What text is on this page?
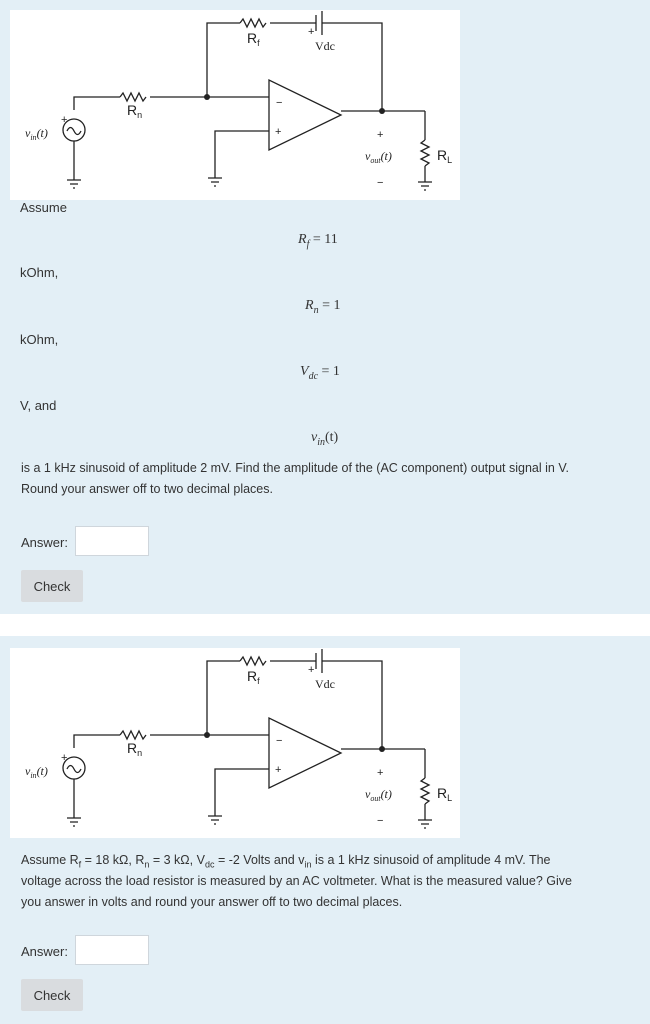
−
+
$R_f$
+
Vdc
$R_n$
$v_{in}(t)$
+
+
$v_{out}(t)$
−
$R_L$
Assume
$R_f = 11$
kOhm,
$R_n = 1$
kOhm,
$V_{dc} = 1$
V, and
$v_{in}(t)$
is a 1 kHz sinusoid of amplitude 2 mV. Find the amplitude of the (AC component) output signal in V.
Round your answer off to two decimal places.
Answer:
Check
−
+
$R_f$
+
Vdc
$R_n$
$v_{in}(t)$
+
+
$v_{out}(t)$
−
$R_L$
Assume $R_f = 18$ kΩ, $R_n = 3$ kΩ, $V_{dc} = -2$ Volts and $v_{in}$ is a 1 kHz sinusoid of amplitude 4 mV. The
voltage across the load resistor is measured by an AC voltmeter. What is the measured value? Give
you answer in volts and round your answer off to two decimal places.
Answer:
Check
